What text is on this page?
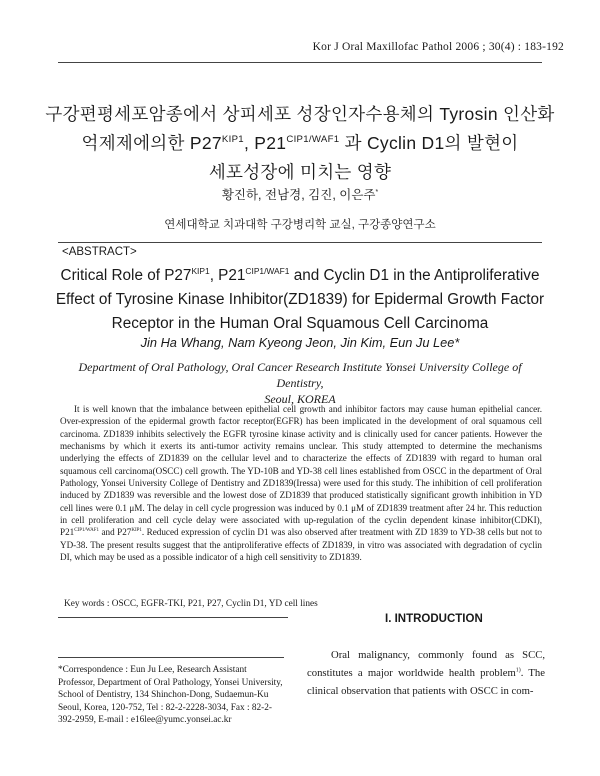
Kor J Oral Maxillofac Pathol 2006 ; 30(4) : 183-192
구강편평세포암종에서 상피세포 성장인자수용체의 Tyrosin 인산화
억제제에의한 $P27^{KIP1}$, $P21^{CIP1/WAF1}$ 과 Cyclin D1의 발현이
세포성장에 미치는 영향
황진하, 전남경, 김진, 이은주*
연세대학교 치과대학 구강병리학 교실, 구강종양연구소
<ABSTRACT>
Critical Role of $P27^{KIP1}$, $P21^{CIP1/WAF1}$ and Cyclin D1 in the Antiproliferative
Effect of Tyrosine Kinase Inhibitor(ZD1839) for Epidermal Growth Factor
Receptor in the Human Oral Squamous Cell Carcinoma
Jin Ha Whang, Nam Kyeong Jeon, Jin Kim, Eun Ju Lee*
Department of Oral Pathology, Oral Cancer Research Institute Yonsei University College of Dentistry,
Seoul, KOREA

It is well known that the imbalance between epithelial cell growth and inhibitor factors may cause human epithelial cancer. Over-expression of the epidermal growth factor receptor(EGFR) has been implicated in the development of oral squamous cell carcinoma. ZD1839 inhibits selectively the EGFR tyrosine kinase activity and is clinically used for cancer patients. However the mechanisms by which it exerts its anti-tumor activity remains unclear. This study attempted to determine the mechanisms underlying the effects of ZD1839 on the cellular level and to characterize the effects of ZD1839 with regard to human oral squamous cell carcinoma(OSCC) cell growth. The YD-10B and YD-38 cell lines established from OSCC in the department of Oral Pathology, Yonsei University College of Dentistry and ZD1839(Iressa) were used for this study. The inhibition of cell proliferation induced by ZD1839 was reversible and the lowest dose of ZD1839 that produced statistically significant growth inhibition in YD cell lines were 0.1 μM. The delay in cell cycle progression was induced by 0.1 μM of ZD1839 treatment after 24 hr. This reduction in cell proliferation and cell cycle delay were associated with up-regulation of the cyclin dependent kinase inhibitor(CDKI), $P21^{CIP1/WAF1}$ and $P27^{KIP1}$. Reduced expression of cyclin D1 was also observed after treatment with ZD 1839 to YD-38 cells but not to YD-38. The present results suggest that the antiproliferative effects of ZD1839, in vitro was associated with degradation of cyclin DI, which may be used as a possible indicator of a high cell sensitivity to ZD1839.

Key words : OSCC, EGFR-TKI, P21, P27, Cyclin D1, YD cell lines
I. INTRODUCTION

Oral malignancy, commonly found as SCC, constitutes a major worldwide health problem$^{1)}$. The clinical observation that patients with OSCC in com-

*Correspondence : Eun Ju Lee, Research Assistant Professor, Department of Oral Pathology, Yonsei University, School of Dentistry, 134 Shinchon-Dong, Sudaemun-Ku Seoul, Korea, 120-752, Tel : 82-2-2228-3034, Fax : 82-2-392-2959, E-mail : e16lee@yumc.yonsei.ac.kr
